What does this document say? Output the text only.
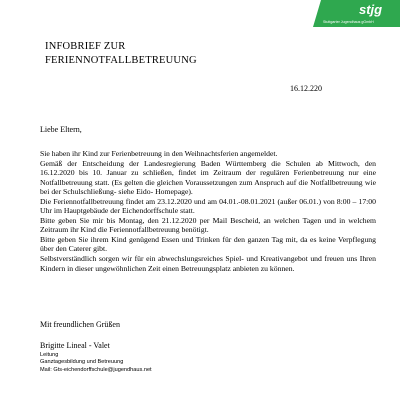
stjg
Stuttgarter Jugendhaus gGmbH
INFOBRIEF ZUR
FERIENNOTFALLBETREUUNG
16.12.220
Liebe Eltern,

Sie haben ihr Kind zur Ferienbetreuung in den Weihnachtsferien angemeldet.

Gemäß der Entscheidung der Landesregierung Baden Württemberg die Schulen ab Mittwoch, den 16.12.2020 bis 10. Januar zu schließen, findet im Zeitraum der regulären Ferienbetreuung nur eine Notfallbetreuung statt. (Es gelten die gleichen Voraussetzungen zum Anspruch auf die Notfallbetreuung wie bei der Schulschließung- siehe Eido- Homepage).

Die Feriennotfallbetreuung findet am 23.12.2020 und am 04.01.-08.01.2021 (außer 06.01.) von 8:00 – 17:00 Uhr im Hauptgebäude der Eichendorffschule statt.

Bitte geben Sie mir bis Montag, den 21.12.2020 per Mail Bescheid, an welchen Tagen und in welchem Zeitraum ihr Kind die Feriennotfallbetreuung benötigt.

Bitte geben Sie ihrem Kind genügend Essen und Trinken für den ganzen Tag mit, da es keine Verpflegung über den Caterer gibt.

Selbstverständlich sorgen wir für ein abwechslungsreiches Spiel- und Kreativangebot und freuen uns Ihren Kindern in dieser ungewöhnlichen Zeit einen Betreuungsplatz anbieten zu können.

Mit freundlichen Grüßen
Brigitte Lineal - Valet
Leitung
Ganztagesbildung und Betreuung
Mail: Gts-eichendorffschule@jugendhaus.net
